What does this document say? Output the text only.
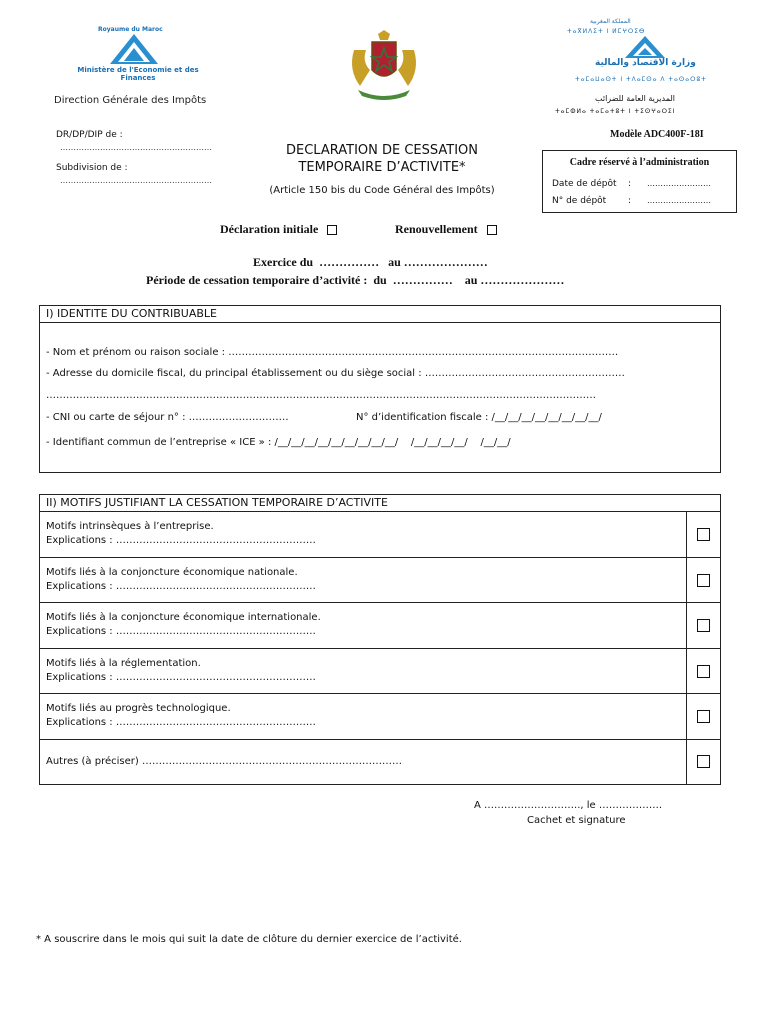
Royaume du Maroc
Ministère de l'Economie et des Finances
Direction Générale des Impôts
المملكة المغربية
ⵜⴰⴳⵍⴷⵉⵜ ⵏ ⵍⵎⵖⵔⵉⴱ
وزارة الاقتصاد والمالية
ⵜⴰⵎⴰⵡⴰⵙⵜ ⵏ ⵜⴷⴰⵎⵙⴰ ⴷ ⵜⴰⵙⴰⵔⵓⵜ
المديرية العامة للضرائب
ⵜⴰⵎⵀⵍⴰ ⵜⴰⵎⴰⵜⵓⵜ ⵏ ⵜⵉⵙⵖⴰⵔⵉⵏ
DR/DP/DIP de :
…………………………………………………
Subdivision de :
…………………………………………………
DECLARATION DE CESSATION
TEMPORAIRE D’ACTIVITE*
(Article 150 bis du Code Général des Impôts)
Modèle ADC400F-18I
Cadre réservé à l’administration
Date de dépôt : ……………………
N° de dépôt : ……………………
Déclaration initiale	Renouvellement
Exercice du  ……………   au …………………
Période de cessation temporaire d’activité :  du  ……………    au …………………
I) IDENTITE DU CONTRIBUABLE
- Nom et prénom ou raison sociale : ………………………………………………………………………………………………………
- Adresse du domicile fiscal, du principal établissement ou du siège social : ……………………………………………………
…………………………………………………………………………………………………………………………………………………
- CNI ou carte de séjour n° : …………………………	N° d’identification fiscale : /__/__/__/__/__/__/__/__/
- Identifiant commun de l’entreprise « ICE » : /__/__/__/__/__/__/__/__/__/    /__/__/__/__/    /__/__/
II) MOTIFS JUSTIFIANT LA CESSATION TEMPORAIRE D’ACTIVITE
Motifs intrinsèques à l’entreprise.
Explications : ……………………………………………………
Motifs liés à la conjoncture économique nationale.
Explications : ……………………………………………………
Motifs liés à la conjoncture économique internationale.
Explications : ……………………………………………………
Motifs liés à la réglementation.
Explications : ……………………………………………………
Motifs liés au progrès technologique.
Explications : ……………………………………………………
Autres (à préciser) ……………………………………………………………………
A ……………………….., le ……………….
Cachet et signature
* A souscrire dans le mois qui suit la date de clôture du dernier exercice de l’activité.
